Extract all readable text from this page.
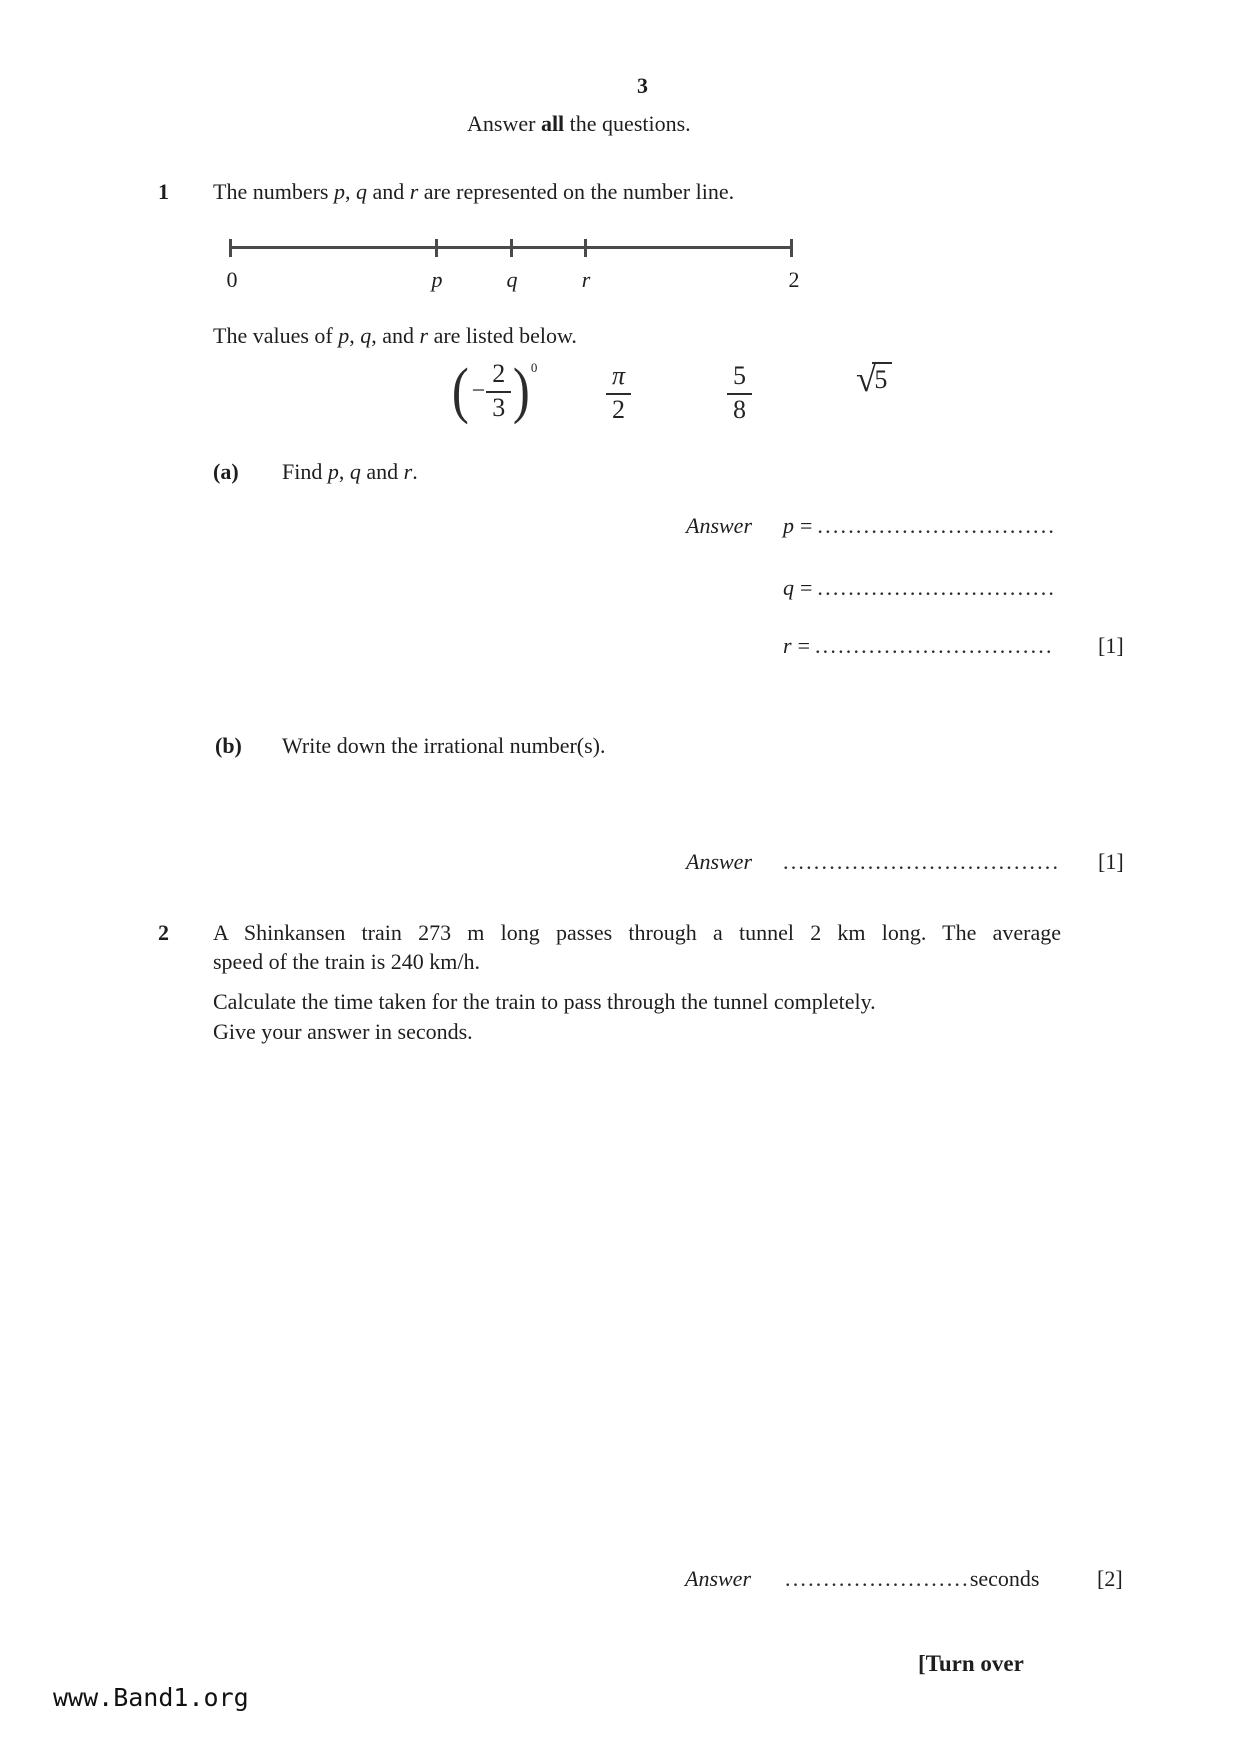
3
Answer all the questions.
1 The numbers p, q and r are represented on the number line.
0	p	q	r	2
The values of p, q, and r are listed below.
( − $\frac{2}{3}$ ) 0	$\frac{\pi}{2}$	$\frac{5}{8}$	√
5
(a) Find p, q and r.
Answer p = ...............................
q = ...............................
r = ............................... [1]
(b) Write down the irrational number(s).
Answer .................................... [1]
2 A Shinkansen train 273 m long passes through a tunnel 2 km long. The average
speed of the train is 240 km/h.
Calculate the time taken for the train to pass through the tunnel completely.
Give your answer in seconds.
Answer ........................seconds	[2]
[Turn over
www.Band1.org
